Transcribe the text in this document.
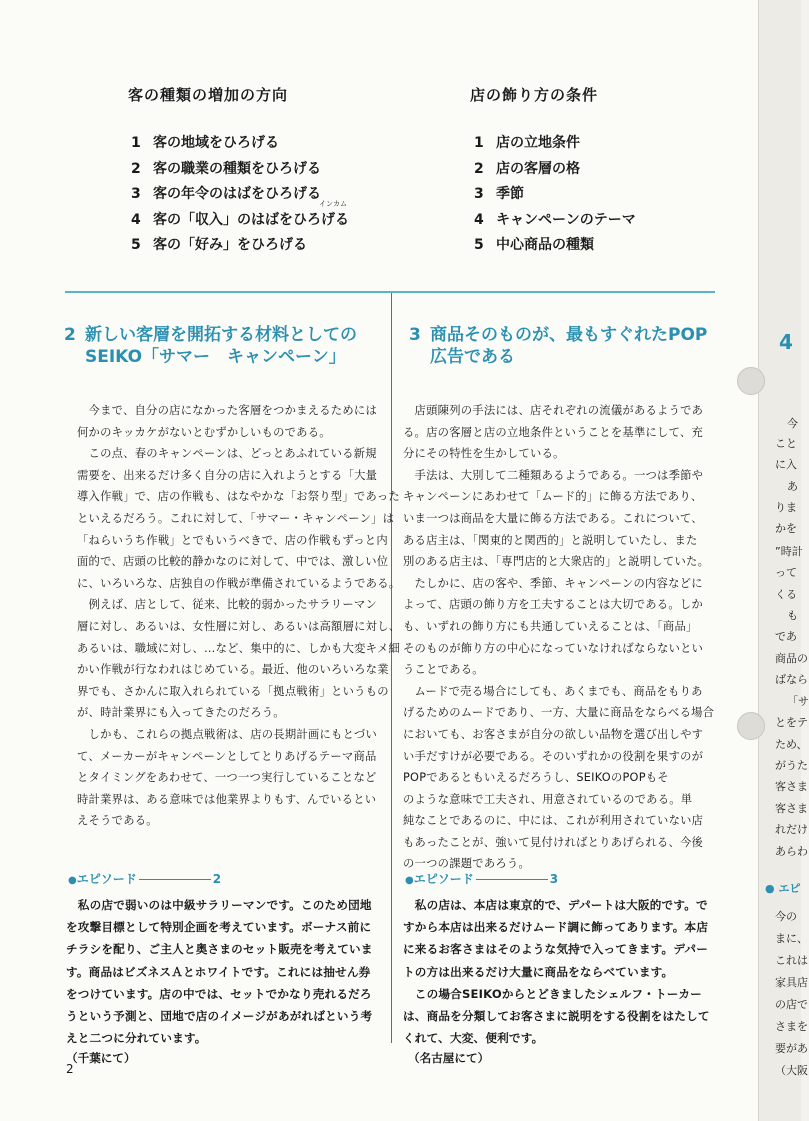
客の種類の増加の方向
1 客の地域をひろげる
2 客の職業の種類をひろげる
3 客の年令のはばをひろげる
インカム
4 客の「収入」のはばをひろげる
5 客の「好み」をひろげる
店の飾り方の条件
1 店の立地条件
2 店の客層の格
3 季節
4 キャンペーンのテーマ
5 中心商品の種類
2 新しい客層を開拓する材料としての
SEIKO「サマー　キャンペーン」

　今まで、自分の店になかった客層をつかまえるためには
何かのキッカケがないとむずかしいものである。
　この点、春のキャンペーンは、どっとあふれている新規
需要を、出来るだけ多く自分の店に入れようとする「大量
導入作戦」で、店の作戦も、はなやかな「お祭り型」であった
といえるだろう。これに対して、「サマー・キャンペーン」は
「ねらいうち作戦」とでもいうべきで、店の作戦もずっと内
面的で、店頭の比較的静かなのに対して、中では、激しい位
に、いろいろな、店独自の作戦が準備されているようである。
　例えば、店として、従来、比較的弱かったサラリーマン
層に対し、あるいは、女性層に対し、あるいは高額層に対し、
あるいは、職域に対し、…など、集中的に、しかも大変キメ細
かい作戦が行なわれはじめている。最近、他のいろいろな業
界でも、さかんに取入れられている「拠点戦術」というもの
が、時計業界にも入ってきたのだろう。
　しかも、これらの拠点戦術は、店の長期計画にもとづい
て、メーカーがキャンペーンとしてとりあげるテーマ商品
とタイミングをあわせて、一つ一つ実行していることなど
時計業界は、ある意味では他業界よりもす、んでいるとい
えそうである。

3 商品そのものが、最もすぐれたPOP
広告である

　店頭陳列の手法には、店それぞれの流儀があるようであ
る。店の客層と店の立地条件ということを基準にして、充
分にその特性を生かしている。
　手法は、大別して二種類あるようである。一つは季節や
キャンペーンにあわせて「ムード的」に飾る方法であり、
いま一つは商品を大量に飾る方法である。これについて、
ある店主は、「関東的と関西的」と説明していたし、また
別のある店主は、「専門店的と大衆店的」と説明していた。
　たしかに、店の客や、季節、キャンペーンの内容などに
よって、店頭の飾り方を工夫することは大切である。しか
も、いずれの飾り方にも共通していえることは、「商品」
そのものが飾り方の中心になっていなければならないとい
うことである。
　ムードで売る場合にしても、あくまでも、商品をもりあ
げるためのムードであり、一方、大量に商品をならべる場合
においても、お客さまが自分の欲しい品物を選び出しやす
い手だすけが必要である。そのいずれかの役割を果すのが
POPであるともいえるだろうし、SEIKOのPOPもそ
のような意味で工夫され、用意されているのである。単
純なことであるのに、中には、これが利用されていない店
もあったことが、強いて見付ければとりあげられる、今後
の一つの課題であろう。

●エピソード	2

　私の店で弱いのは中級サラリーマンです。このため団地
を攻撃目標として特別企画を考えています。ボーナス前に
チラシを配り、ご主人と奥さまのセット販売を考えていま
す。商品はビズネスＡとホワイトです。これには抽せん券
をつけています。店の中では、セットでかなり売れるだろ
うという予測と、団地で店のイメージがあがればという考
えと二つに分れています。

（千葉にて）
●エピソード	3

　私の店は、本店は東京的で、デパートは大阪的です。で
すから本店は出来るだけムード調に飾ってあります。本店
に来るお客さまはそのような気持で入ってきます。デパー
トの方は出来るだけ大量に商品をならべています。
　この場合SEIKOからとどきましたシェルフ・トーカー
は、商品を分類してお客さまに説明をする役割をはたして
くれて、大変、便利です。

（名古屋にて）
2
4
今
こと
に入
あ
りま
かを
”時計
って
くる
も
であ
商品の
ばなら
「サ
とをテ
ため、
がうた
客さま
客さま
れだけ
あらわ
● エピ
今の
まに、
これは
家具店
の店で
さまを
要があ
（大阪
